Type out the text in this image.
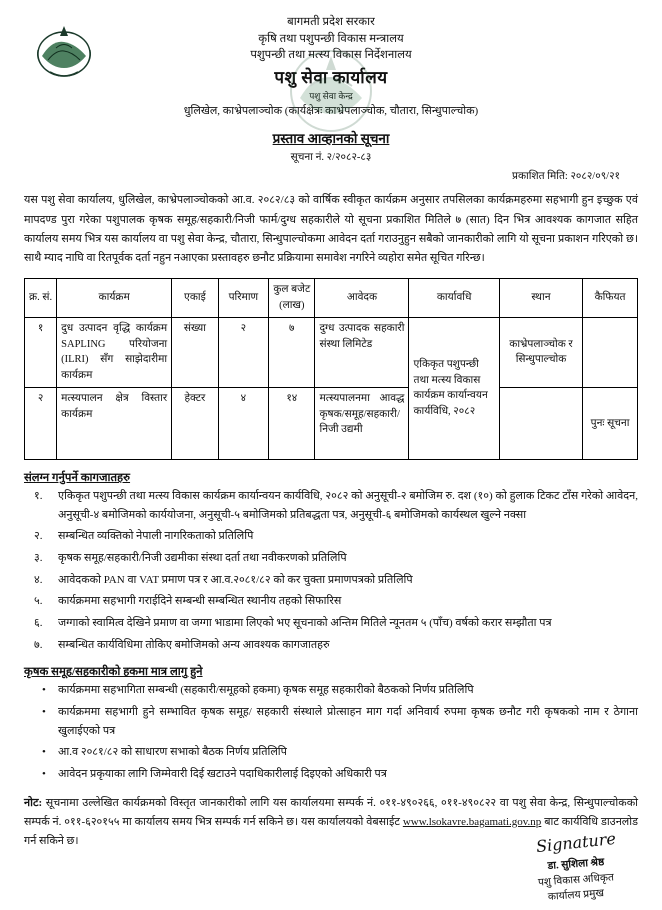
बागमती प्रदेश सरकार
कृषि तथा पशुपन्छी विकास मन्त्रालय
पशुपन्छी तथा मत्स्य विकास निर्देशनालय
पशु सेवा कार्यालय
पशु सेवा केन्द्र
धुलिखेल, काभ्रेपलाञ्चोक (कार्यक्षेत्रः काभ्रेपलाञ्चोक, चौतारा, सिन्धुपाल्चोक)
प्रस्ताव आव्हानको सूचना
सूचना नं. २/२०८२-८३
प्रकाशित मिति: २०८२/०९/२१
यस पशु सेवा कार्यालय, धुलिखेल, काभ्रेपलाञ्चोकको आ.व. २०८२/८३ को वार्षिक स्वीकृत कार्यक्रम अनुसार तपसिलका कार्यक्रमहरुमा सहभागी हुन इच्छुक एवं मापदण्ड पुरा गरेका पशुपालक कृषक समूह/सहकारी/निजी फार्म/दुग्ध सहकारीले यो सूचना प्रकाशित मितिले ७ (सात) दिन भित्र आवश्यक कागजात सहित कार्यालय समय भित्र यस कार्यालय वा पशु सेवा केन्द्र, चौतारा, सिन्धुपाल्चोकमा आवेदन दर्ता गराउनुहुन सबैको जानकारीको लागि यो सूचना प्रकाशन गरिएको छ। साथै म्याद नाघि वा रितपूर्वक दर्ता नहुन नआएका प्रस्तावहरु छनौट प्रक्रियामा समावेश नगरिने व्यहोरा समेत सूचित गरिन्छ।
क्र. सं.	कार्यक्रम	एकाई	परिमाण	कुल बजेट (लाख)	आवेदक	कार्यावधि	स्थान	कैफियत
१	दुध उत्पादन वृद्धि कार्यक्रम SAPLING परियोजना (ILRI) सँग साझेदारीमा कार्यक्रम	संख्या	२	७	दुग्ध उत्पादक सहकारी संस्था लिमिटेड	एकिकृत पशुपन्छी तथा मत्स्य विकास कार्यक्रम कार्यान्वयन कार्यविधि, २०८२	काभ्रेपलाञ्चोक र सिन्धुपाल्चोक	
२	मत्स्यपालन क्षेत्र विस्तार कार्यक्रम	हेक्टर	४	१४	मत्स्यपालनमा आवद्ध कृषक/समूह/सहकारी/निजी उद्यमी			पुनः सूचना
संलग्न गर्नुपर्ने कागजातहरु
१.	एकिकृत पशुपन्छी तथा मत्स्य विकास कार्यक्रम कार्यान्वयन कार्यविधि, २०८२ को अनुसूची-२ बमोजिम रु. दश (१०) को हुलाक टिकट टाँस गरेको आवेदन, अनुसूची-४ बमोजिमको कार्ययोजना, अनुसूची-५ बमोजिमको प्रतिबद्धता पत्र, अनुसूची-६ बमोजिमको कार्यस्थल खुल्ने नक्सा
२.	सम्बन्धित व्यक्तिको नेपाली नागरिकताको प्रतिलिपि
३.	कृषक समूह/सहकारी/निजी उद्यमीका संस्था दर्ता तथा नवीकरणको प्रतिलिपि
४.	आवेदकको PAN वा VAT प्रमाण पत्र र आ.व.२०८१/८२ को कर चुक्ता प्रमाणपत्रको प्रतिलिपि
५.	कार्यक्रममा सहभागी गराईदिने सम्बन्धी सम्बन्धित स्थानीय तहको सिफारिस
६.	जग्गाको स्वामित्व देखिने प्रमाण वा जग्गा भाडामा लिएको भए सूचनाको अन्तिम मितिले न्यूनतम ५ (पाँच) वर्षको करार सम्झौता पत्र
७.	सम्बन्धित कार्यविधिमा तोकिए बमोजिमको अन्य आवश्यक कागजातहरु
कृषक समूह/सहकारीको हकमा मात्र लागु हुने
• कार्यक्रममा सहभागिता सम्बन्धी (सहकारी/समूहको हकमा) कृषक समूह सहकारीको बैठकको निर्णय प्रतिलिपि
• कार्यक्रममा सहभागी हुने सम्भावित कृषक समूह/ सहकारी संस्थाले प्रोत्साहन माग गर्दा अनिवार्य रुपमा कृषक छनौट गरी कृषकको नाम र ठेगाना खुलाईएको पत्र
• आ.व २०८१/८२ को साधारण सभाको बैठक निर्णय प्रतिलिपि
• आवेदन प्रकृयाका लागि जिम्मेवारी दिई खटाउने पदाधिकारीलाई दिइएको अधिकारी पत्र
नोट: सूचनामा उल्लेखित कार्यक्रमको विस्तृत जानकारीको लागि यस कार्यालयमा सम्पर्क नं. ०११-४९०२६६, ०११-४९०८२२ वा पशु सेवा केन्द्र, सिन्धुपाल्चोकको सम्पर्क नं. ०११-६२०१५५ मा कार्यालय समय भित्र सम्पर्क गर्न सकिने छ। यस कार्यालयको वेबसाईट www.lsokavre.bagamati.gov.np बाट कार्यविधि डाउनलोड गर्न सकिने छ।	Signature
डा. सुशिला श्रेष्ठ
पशु विकास अधिकृत
कार्यालय प्रमुख
